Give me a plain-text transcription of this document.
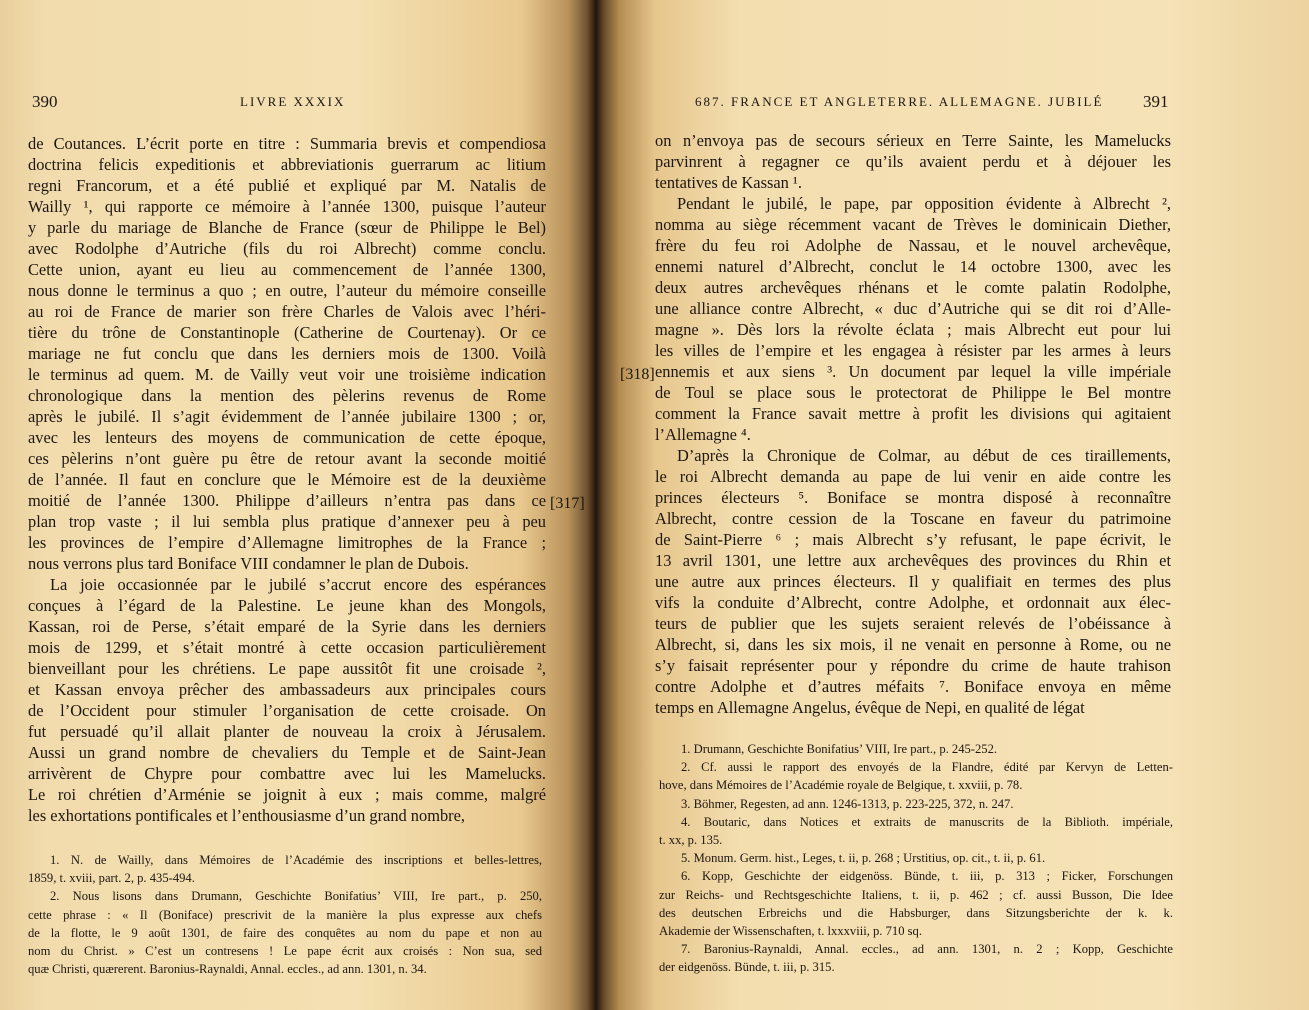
390	LIVRE XXXIX
de Coutances. L’écrit porte en titre : Summaria brevis et compendiosa
doctrina felicis expeditionis et abbreviationis guerrarum ac litium
regni Francorum, et a été publié et expliqué par M. Natalis de
Wailly ¹, qui rapporte ce mémoire à l’année 1300, puisque l’auteur
y parle du mariage de Blanche de France (sœur de Philippe le Bel)
avec Rodolphe d’Autriche (fils du roi Albrecht) comme conclu.
Cette union, ayant eu lieu au commencement de l’année 1300,
nous donne le terminus a quo ; en outre, l’auteur du mémoire conseille
au roi de France de marier son frère Charles de Valois avec l’héri-
tière du trône de Constantinople (Catherine de Courtenay). Or ce
mariage ne fut conclu que dans les derniers mois de 1300. Voilà
le terminus ad quem. M. de Vailly veut voir une troisième indication
chronologique dans la mention des pèlerins revenus de Rome
après le jubilé. Il s’agit évidemment de l’année jubilaire 1300 ; or,
avec les lenteurs des moyens de communication de cette époque,
ces pèlerins n’ont guère pu être de retour avant la seconde moitié
de l’année. Il faut en conclure que le Mémoire est de la deuxième
moitié de l’année 1300. Philippe d’ailleurs n’entra pas dans ce
plan trop vaste ; il lui sembla plus pratique d’annexer peu à peu
les provinces de l’empire d’Allemagne limitrophes de la France ;
nous verrons plus tard Boniface VIII condamner le plan de Dubois.
La joie occasionnée par le jubilé s’accrut encore des espérances
conçues à l’égard de la Palestine. Le jeune khan des Mongols,
Kassan, roi de Perse, s’était emparé de la Syrie dans les derniers
mois de 1299, et s’était montré à cette occasion particulièrement
bienveillant pour les chrétiens. Le pape aussitôt fit une croisade ²,
et Kassan envoya prêcher des ambassadeurs aux principales cours
de l’Occident pour stimuler l’organisation de cette croisade. On
fut persuadé qu’il allait planter de nouveau la croix à Jérusalem.
Aussi un grand nombre de chevaliers du Temple et de Saint-Jean
arrivèrent de Chypre pour combattre avec lui les Mamelucks.
Le roi chrétien d’Arménie se joignit à eux ; mais comme, malgré
les exhortations pontificales et l’enthousiasme d’un grand nombre,
1. N. de Wailly, dans Mémoires de l’Académie des inscriptions et belles-lettres,
1859, t. xviii, part. 2, p. 435-494.
2. Nous lisons dans Drumann, Geschichte Bonifatius’ VIII, Ire part., p. 250,
cette phrase : « Il (Boniface) prescrivit de la manière la plus expresse aux chefs
de la flotte, le 9 août 1301, de faire des conquêtes au nom du pape et non au
nom du Christ. » C’est un contresens ! Le pape écrit aux croisés : Non sua, sed
quæ Christi, quærerent. Baronius-Raynaldi, Annal. eccles., ad ann. 1301, n. 34.
687. FRANCE ET ANGLETERRE. ALLEMAGNE. JUBILÉ 391
on n’envoya pas de secours sérieux en Terre Sainte, les Mamelucks
parvinrent à regagner ce qu’ils avaient perdu et à déjouer les
tentatives de Kassan ¹.
Pendant le jubilé, le pape, par opposition évidente à Albrecht ²,
nomma au siège récemment vacant de Trèves le dominicain Diether,
frère du feu roi Adolphe de Nassau, et le nouvel archevêque,
ennemi naturel d’Albrecht, conclut le 14 octobre 1300, avec les
deux autres archevêques rhénans et le comte palatin Rodolphe,
une alliance contre Albrecht, « duc d’Autriche qui se dit roi d’Alle-
magne ». Dès lors la révolte éclata ; mais Albrecht eut pour lui
les villes de l’empire et les engagea à résister par les armes à leurs
ennemis et aux siens ³. Un document par lequel la ville impériale
de Toul se place sous le protectorat de Philippe le Bel montre
comment la France savait mettre à profit les divisions qui agitaient
l’Allemagne ⁴.
D’après la Chronique de Colmar, au début de ces tiraillements,
le roi Albrecht demanda au pape de lui venir en aide contre les
princes électeurs ⁵. Boniface se montra disposé à reconnaître
Albrecht, contre cession de la Toscane en faveur du patrimoine
de Saint-Pierre ⁶ ; mais Albrecht s’y refusant, le pape écrivit, le
13 avril 1301, une lettre aux archevêques des provinces du Rhin et
une autre aux princes électeurs. Il y qualifiait en termes des plus
vifs la conduite d’Albrecht, contre Adolphe, et ordonnait aux élec-
teurs de publier que les sujets seraient relevés de l’obéissance à
Albrecht, si, dans les six mois, il ne venait en personne à Rome, ou ne
s’y faisait représenter pour y répondre du crime de haute trahison
contre Adolphe et d’autres méfaits ⁷. Boniface envoya en même
temps en Allemagne Angelus, évêque de Nepi, en qualité de légat
1. Drumann, Geschichte Bonifatius’ VIII, Ire part., p. 245-252.
2. Cf. aussi le rapport des envoyés de la Flandre, édité par Kervyn de Letten-
hove, dans Mémoires de l’Académie royale de Belgique, t. xxviii, p. 78.
3. Böhmer, Regesten, ad ann. 1246-1313, p. 223-225, 372, n. 247.
4. Boutaric, dans Notices et extraits de manuscrits de la Biblioth. impériale,
t. xx, p. 135.
5. Monum. Germ. hist., Leges, t. ii, p. 268 ; Urstitius, op. cit., t. ii, p. 61.
6. Kopp, Geschichte der eidgenöss. Bünde, t. iii, p. 313 ; Ficker, Forschungen
zur Reichs- und Rechtsgeschichte Italiens, t. ii, p. 462 ; cf. aussi Busson, Die Idee
des deutschen Erbreichs und die Habsburger, dans Sitzungsberichte der k. k.
Akademie der Wissenschaften, t. lxxxviii, p. 710 sq.
7. Baronius-Raynaldi, Annal. eccles., ad ann. 1301, n. 2 ; Kopp, Geschichte
der eidgenöss. Bünde, t. iii, p. 315.
[317]
[318]
